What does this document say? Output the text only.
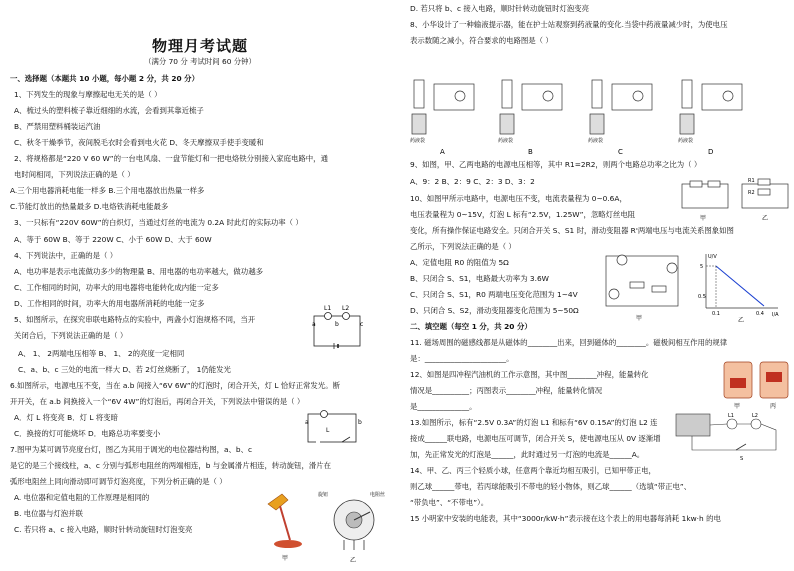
物理月考试题
（满分 70 分 考试时间 60 分钟）
一、选择题（本题共 10 小题，每小题 2 分，共 20 分）
1、下列发生的现象与摩擦起电无关的是（ ）
A、梳过头的塑料梳子靠近细细的水流，会看到其靠近梳子
B、严禁用塑料桶装运汽油
C、秋冬干燥季节，夜间脱毛衣时会看到电火花 D、冬天摩擦双手使手变暖和
2、将规格都是“220 V 60 W”的一台电风扇、一盘节能灯和一把电烙铁分别接入家庭电路中，通
电时间相同，下列说法正确的是（ ）
A.三个用电器消耗电能一样多 B.三个用电器放出热量一样多
C.节能灯放出的热量最多 D.电烙铁消耗电能最多
3、一只标有“220V 60W”的白炽灯，当通过灯丝的电流为 0.2A 时此灯的实际功率（ ）
A、等于 60W B、等于 220W C、小于 60W D、大于 60W
4、下列说法中，正确的是（ ）
A、电功率是表示电流做功多少的物理量 B、用电器的电功率越大，做功越多
C、工作相同的时间，功率大的用电器将电能转化成内能一定多
D、工作相同的时间，功率大的用电器所消耗的电能一定多
5、如图所示，在探究串联电路特点的实验中，两盏小灯泡规格不同，当开
关闭合后，下列说法正确的是（ ）
A、 1、 2两端电压相等 B、 1、 2的亮度一定相同
C、a、b、c 三处的电流一样大 D、若 2灯丝烧断了， 1仍能发光
6.如图所示，电源电压不变，当在 a.b 间接入“6V 6W”的灯泡时，闭合开关，灯 L 恰好正常发光。断
开开关，在 a.b 间换接入一个“6V 4W”的灯泡后，再闭合开关，下列说法中错误的是（ ）
A．灯 L 将变亮 B．灯 L 将变暗
C．换接的灯可能烧坏 D．电路总功率要变小
7.图甲为某可调节亮度台灯，图乙为其用于调光的电位器结构图，a、b、c
是它的是三个接线柱，a、c 分别与弧形电阻丝的两端相连，b 与金属滑片相连，转动旋钮，滑片在
弧形电阻丝上同向滑动即可调节灯泡亮度，下列分析正确的是（ ）
A. 电位器和定值电阻的工作原理是相同的
B. 电位器与灯泡并联
C. 若只将 a、c 接入电路，顺时针转动旋钮时灯泡变亮
L1 L2
a	b	c
a	b
L
甲
旋钮	电阻丝
乙
D. 若只将 b、c 接入电路，顺时针转动旋钮时灯泡变亮
8、小华设计了一种输液提示器，能在护士站观察到药液量的变化.当袋中药液量减少时，为使电压
表示数随之减小，符合要求的电路图是（ ）
9、如图，甲、乙两电路的电源电压相等，其中 R1=2R2，则两个电路总功率之比为（ ）
A、9：2 B、2：9 C、2：3 D、3：2
10、如图甲所示电路中，电源电压不变，电流表量程为 0~0.6A，
电压表量程为 0~15V，灯泡 L 标有“2.5V，1.25W”，忽略灯丝电阻
变化，所有操作保证电路安全。只闭合开关 S、S1 时，滑动变阻器 R'两端电压与电流关系图象如图
乙所示，下列说法正确的是（ ）
A、定值电阻 R0 的阻值为 5Ω
B、只闭合 S、S1，电路最大功率为 3.6W
C、只闭合 S、S1，R0 两端电压变化范围为 1~4V
D、只闭合 S、S2，滑动变阻器变化范围为 5~50Ω
二、填空题（每空 1 分，共 20 分）
11. 磁场周围的磁感线都是从磁体的________出来，回到磁体的________。磁极间相互作用的规律
是：______________________。
12、如图是四冲程汽油机的工作示意图，其中图________冲程，能量转化
情况是__________；丙图表示________冲程，能量转化情况
是______________。
13.如图所示，标有“2.5V 0.3A”的灯泡 L1 和标有“6V 0.15A”的灯泡 L2 连
接成______联电路，电源电压可调节，闭合开关 S，使电源电压从 0V 逐渐增
加，先正常发光的灯泡是______，此时通过另一灯泡的电流是______A。
14、甲、乙、丙三个轻质小球，任意两个靠近均相互吸引，已知甲带正电，
则乙球______带电，若丙球能吸引不带电的轻小物体，则乙球______（选填“带正电”、
“带负电”、“不带电”）。
15 小明家中安装的电能表，其中“3000r/kW·h”表示接在这个表上的用电器每消耗 1kw·h 的电
药液袋
A
药液袋
B
药液袋
C
药液袋
D
甲
R1
R2
乙
甲
U/V
I/A
5
0.5
0.1	0.4
乙
甲	丙
L1	L2
S
